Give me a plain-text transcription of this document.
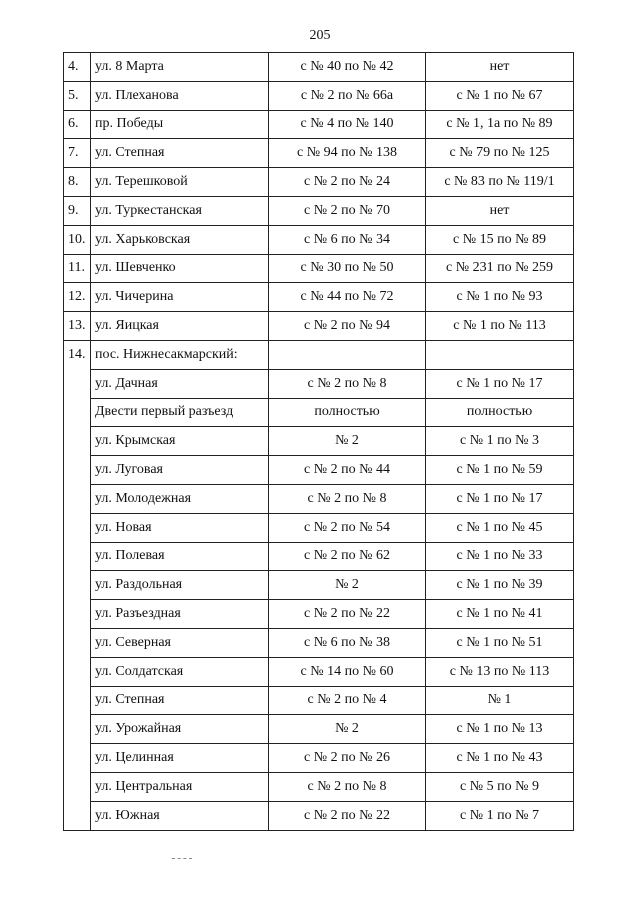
205
4.	ул. 8 Марта	с № 40 по № 42	нет
5.	ул. Плеханова	с № 2 по № 66а	с № 1 по № 67
6.	пр. Победы	с № 4 по № 140	с № 1, 1а по № 89
7.	ул. Степная	с № 94 по № 138	с № 79 по № 125
8.	ул. Терешковой	с № 2 по № 24	с № 83 по № 119/1
9.	ул. Туркестанская	с № 2 по № 70	нет
10.	ул. Харьковская	с № 6 по № 34	с № 15 по № 89
11.	ул. Шевченко	с № 30 по № 50	с № 231 по № 259
12.	ул. Чичерина	с № 44 по № 72	с № 1 по № 93
13.	ул. Яицкая	с № 2 по № 94	с № 1 по № 113
14.	пос. Нижнесакмарский:		
	ул. Дачная	с № 2 по № 8	с № 1 по № 17
	Двести первый разъезд	полностью	полностью
	ул. Крымская	№ 2	с № 1 по № 3
	ул. Луговая	с № 2 по № 44	с № 1 по № 59
	ул. Молодежная	с № 2 по № 8	с № 1 по № 17
	ул. Новая	с № 2 по № 54	с № 1 по № 45
	ул. Полевая	с № 2 по № 62	с № 1 по № 33
	ул. Раздольная	№ 2	с № 1 по № 39
	ул. Разъездная	с № 2 по № 22	с № 1 по № 41
	ул. Северная	с № 6 по № 38	с № 1 по № 51
	ул. Солдатская	с № 14 по № 60	с № 13 по № 113
	ул. Степная	с № 2 по № 4	№ 1
	ул. Урожайная	№ 2	с № 1 по № 13
	ул. Целинная	с № 2 по № 26	с № 1 по № 43
	ул. Центральная	с № 2 по № 8	с № 5 по № 9
	ул. Южная	с № 2 по № 22	с № 1 по № 7
